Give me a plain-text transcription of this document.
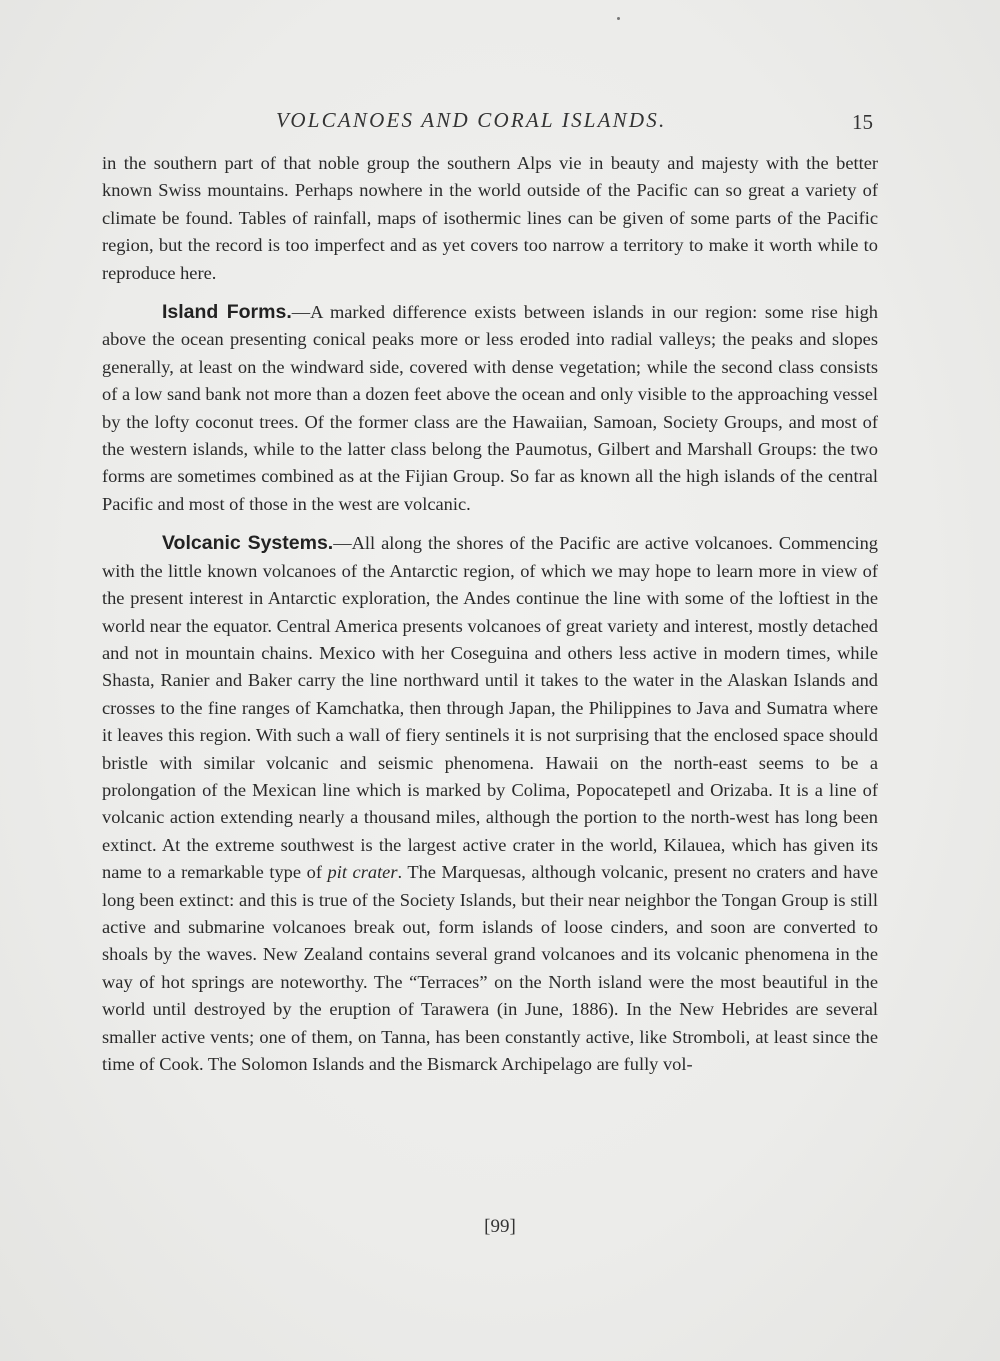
VOLCANOES AND CORAL ISLANDS.	15

in the southern part of that noble group the southern Alps vie in beauty and majesty with the better known Swiss mountains. Perhaps nowhere in the world outside of the Pacific can so great a variety of climate be found. Tables of rainfall, maps of isothermic lines can be given of some parts of the Pacific region, but the record is too imperfect and as yet covers too narrow a territory to make it worth while to reproduce here.

Island Forms.—A marked difference exists between islands in our region: some rise high above the ocean presenting conical peaks more or less eroded into radial valleys; the peaks and slopes generally, at least on the windward side, covered with dense vegetation; while the second class consists of a low sand bank not more than a dozen feet above the ocean and only visible to the approaching vessel by the lofty coconut trees. Of the former class are the Hawaiian, Samoan, Society Groups, and most of the western islands, while to the latter class belong the Paumotus, Gilbert and Marshall Groups: the two forms are sometimes combined as at the Fijian Group. So far as known all the high islands of the central Pacific and most of those in the west are volcanic.

Volcanic Systems.—All along the shores of the Pacific are active volcanoes. Commencing with the little known volcanoes of the Antarctic region, of which we may hope to learn more in view of the present interest in Antarctic exploration, the Andes continue the line with some of the loftiest in the world near the equator. Central America presents volcanoes of great variety and interest, mostly detached and not in mountain chains. Mexico with her Coseguina and others less active in modern times, while Shasta, Ranier and Baker carry the line northward until it takes to the water in the Alaskan Islands and crosses to the fine ranges of Kamchatka, then through Japan, the Philippines to Java and Sumatra where it leaves this region. With such a wall of fiery sentinels it is not surprising that the enclosed space should bristle with similar volcanic and seismic phenomena. Hawaii on the north-east seems to be a prolongation of the Mexican line which is marked by Colima, Popocatepetl and Orizaba. It is a line of volcanic action extending nearly a thousand miles, although the portion to the north-west has long been extinct. At the extreme southwest is the largest active crater in the world, Kilauea, which has given its name to a remarkable type of pit crater. The Marquesas, although volcanic, present no craters and have long been extinct: and this is true of the Society Islands, but their near neighbor the Tongan Group is still active and submarine volcanoes break out, form islands of loose cinders, and soon are converted to shoals by the waves. New Zealand contains several grand volcanoes and its volcanic phenomena in the way of hot springs are noteworthy. The “Terraces” on the North island were the most beautiful in the world until destroyed by the eruption of Tarawera (in June, 1886). In the New Hebrides are several smaller active vents; one of them, on Tanna, has been constantly active, like Stromboli, at least since the time of Cook. The Solomon Islands and the Bismarck Archipelago are fully vol-

[99]
